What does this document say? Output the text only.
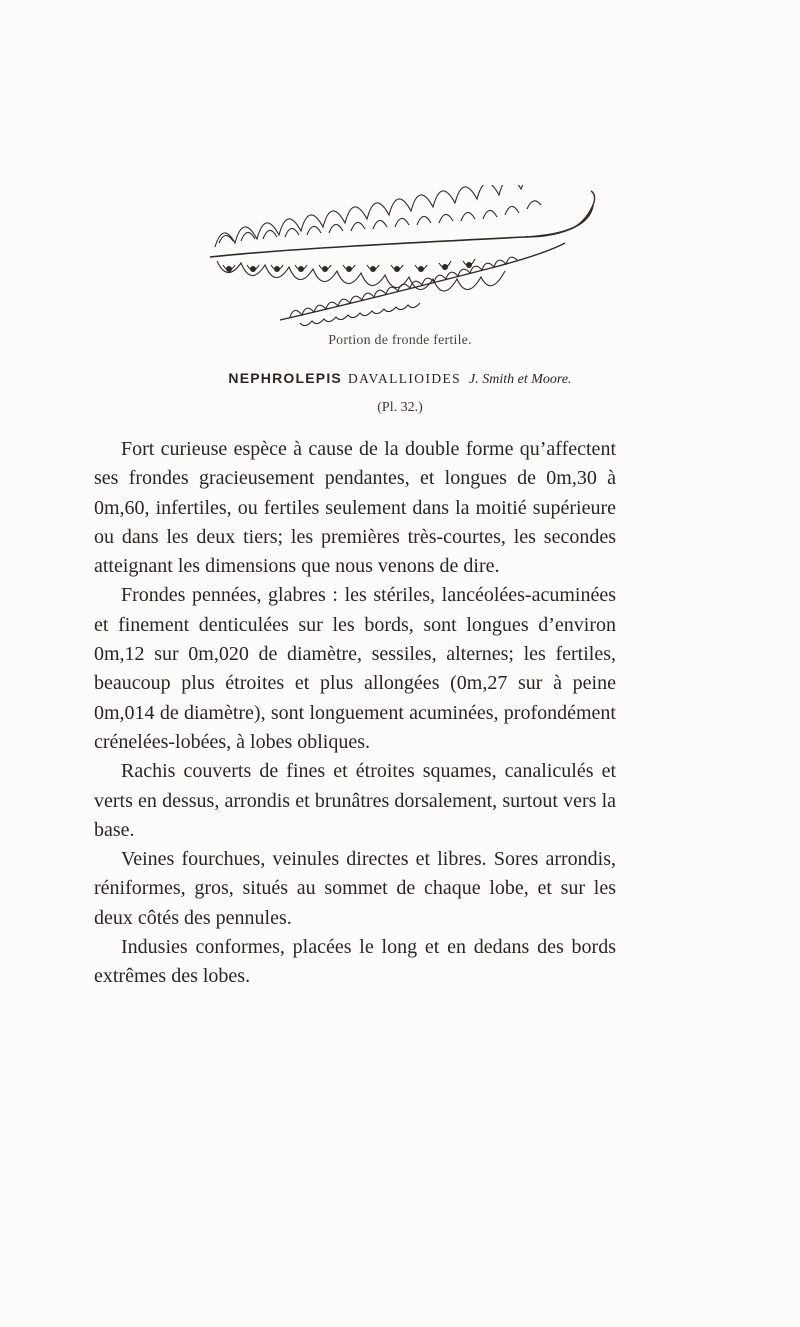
Portion de fronde fertile.
NEPHROLEPIS DAVALLIOIDES J. Smith et Moore.
(Pl. 32.)

Fort curieuse espèce à cause de la double forme qu’affectent ses frondes gracieusement pendantes, et longues de 0m,30 à 0m,60, infertiles, ou fertiles seulement dans la moitié supérieure ou dans les deux tiers; les premières très-courtes, les secondes atteignant les dimensions que nous venons de dire.

Frondes pennées, glabres : les stériles, lancéolées-acuminées et finement denticulées sur les bords, sont longues d’environ 0m,12 sur 0m,020 de diamètre, sessiles, alternes; les fertiles, beaucoup plus étroites et plus allongées (0m,27 sur à peine 0m,014 de diamètre), sont longuement acuminées, profondément crénelées-lobées, à lobes obliques.

Rachis couverts de fines et étroites squames, canaliculés et verts en dessus, arrondis et brunâtres dorsalement, surtout vers la base.

Veines fourchues, veinules directes et libres. Sores arrondis, réniformes, gros, situés au sommet de chaque lobe, et sur les deux côtés des pennules.

Indusies conformes, placées le long et en dedans des bords extrêmes des lobes.
